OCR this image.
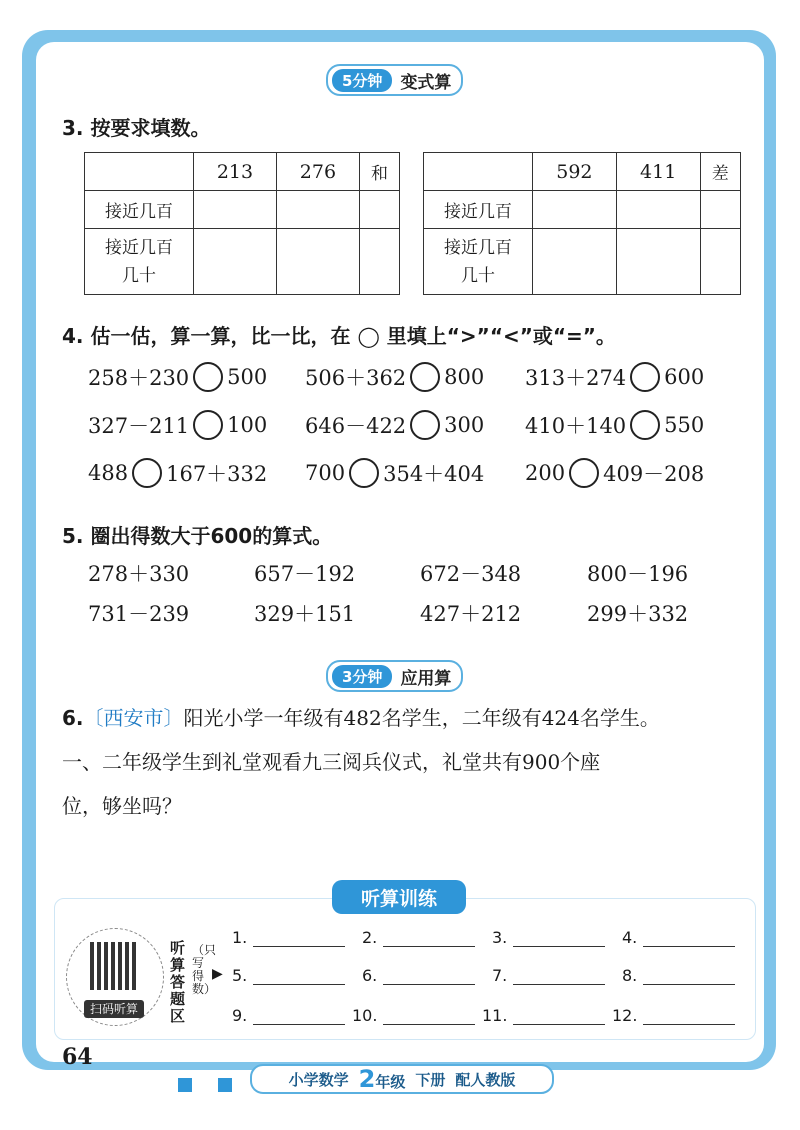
5分钟	变式算
3. 按要求填数。
	213	276	和
接近几百			
接近几百几十			
	592	411	差
接近几百			
接近几百几十			
4. 估一估，算一算，比一比，在 ◯ 里填上“>”“<”或“=”。
258＋230 500 506＋362 800 313＋274 600
327－211 100 646－422 300 410＋140 550
488 167＋332 700 354＋404 200 409－208
5. 圈出得数大于600的算式。
278＋330	657－192	672－348	800－196
731－239	329＋151	427＋212	299＋332
3分钟	应用算
6.〔西安市〕阳光小学一年级有482名学生，二年级有424名学生。
一、二年级学生到礼堂观看九三阅兵仪式，礼堂共有900个座
位，够坐吗？
听算训练
扫码听算
听算答题区
（只写得数）
▶
1.	2.	3.	4.
5.	6.	7.	8.
9.	10.	11.	12.
64
小学数学 2年级 下册 配人教版
